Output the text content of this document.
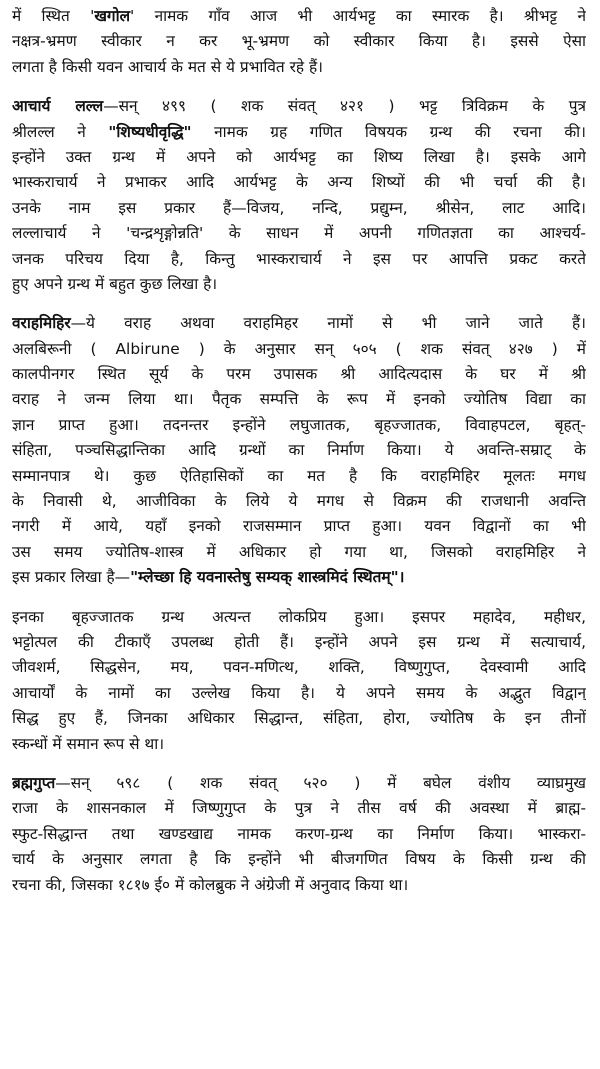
में स्थित 'खगोल' नामक गाँव आज भी आर्यभट्ट का स्मारक है। श्रीभट्ट ने
नक्षत्र-भ्रमण स्वीकार न कर भू-भ्रमण को स्वीकार किया है। इससे ऐसा
लगता है किसी यवन आचार्य के मत से ये प्रभावित रहे हैं।
आचार्य लल्ल—सन् ४९९ ( शक संवत् ४२१ ) भट्ट त्रिविक्रम के पुत्र
श्रीलल्ल ने "शिष्यधीवृद्धि" नामक ग्रह गणित विषयक ग्रन्थ की रचना की।
इन्होंने उक्त ग्रन्थ में अपने को आर्यभट्ट का शिष्य लिखा है। इसके आगे
भास्कराचार्य ने प्रभाकर आदि आर्यभट्ट के अन्य शिष्यों की भी चर्चा की है।
उनके नाम इस प्रकार हैं—विजय, नन्दि, प्रद्युम्न, श्रीसेन, लाट आदि।
लल्लाचार्य ने 'चन्द्रशृङ्गोन्नति' के साधन में अपनी गणितज्ञता का आश्चर्य-
जनक परिचय दिया है, किन्तु भास्कराचार्य ने इस पर आपत्ति प्रकट करते
हुए अपने ग्रन्थ में बहुत कुछ लिखा है।
वराहमिहिर—ये वराह अथवा वराहमिहर नामों से भी जाने जाते हैं।
अलबिरूनी ( Albirune ) के अनुसार सन् ५०५ ( शक संवत् ४२७ ) में
कालपीनगर स्थित सूर्य के परम उपासक श्री आदित्यदास के घर में श्री
वराह ने जन्म लिया था। पैतृक सम्पत्ति के रूप में इनको ज्योतिष विद्या का
ज्ञान प्राप्त हुआ। तदनन्तर इन्होंने लघुजातक, बृहज्जातक, विवाहपटल, बृहत्-
संहिता, पञ्चसिद्धान्तिका आदि ग्रन्थों का निर्माण किया। ये अवन्ति-सम्राट् के
सम्मानपात्र थे। कुछ ऐतिहासिकों का मत है कि वराहमिहिर मूलतः मगध
के निवासी थे, आजीविका के लिये ये मगध से विक्रम की राजधानी अवन्ति
नगरी में आये, यहाँ इनको राजसम्मान प्राप्त हुआ। यवन विद्वानों का भी
उस समय ज्योतिष-शास्त्र में अधिकार हो गया था, जिसको वराहमिहिर ने
इस प्रकार लिखा है—"म्लेच्छा हि यवनास्तेषु सम्यक् शास्त्रमिदं स्थितम्"।
इनका बृहज्जातक ग्रन्थ अत्यन्त लोकप्रिय हुआ। इसपर महादेव, महीधर,
भट्टोत्पल की टीकाएँ उपलब्ध होती हैं। इन्होंने अपने इस ग्रन्थ में सत्याचार्य,
जीवशर्म, सिद्धसेन, मय, पवन-मणित्थ, शक्ति, विष्णुगुप्त, देवस्वामी आदि
आचार्यों के नामों का उल्लेख किया है। ये अपने समय के अद्भुत विद्वान्
सिद्ध हुए हैं, जिनका अधिकार सिद्धान्त, संहिता, होरा, ज्योतिष के इन तीनों
स्कन्धों में समान रूप से था।
ब्रह्मगुप्त—सन् ५९८ ( शक संवत् ५२० ) में बघेल वंशीय व्याघ्रमुख
राजा के शासनकाल में जिष्णुगुप्त के पुत्र ने तीस वर्ष की अवस्था में ब्राह्म-
स्फुट-सिद्धान्त तथा खण्डखाद्य नामक करण-ग्रन्थ का निर्माण किया। भास्करा-
चार्य के अनुसार लगता है कि इन्होंने भी बीजगणित विषय के किसी ग्रन्थ की
रचना की, जिसका १८१७ ई० में कोलब्रुक ने अंग्रेजी में अनुवाद किया था।
